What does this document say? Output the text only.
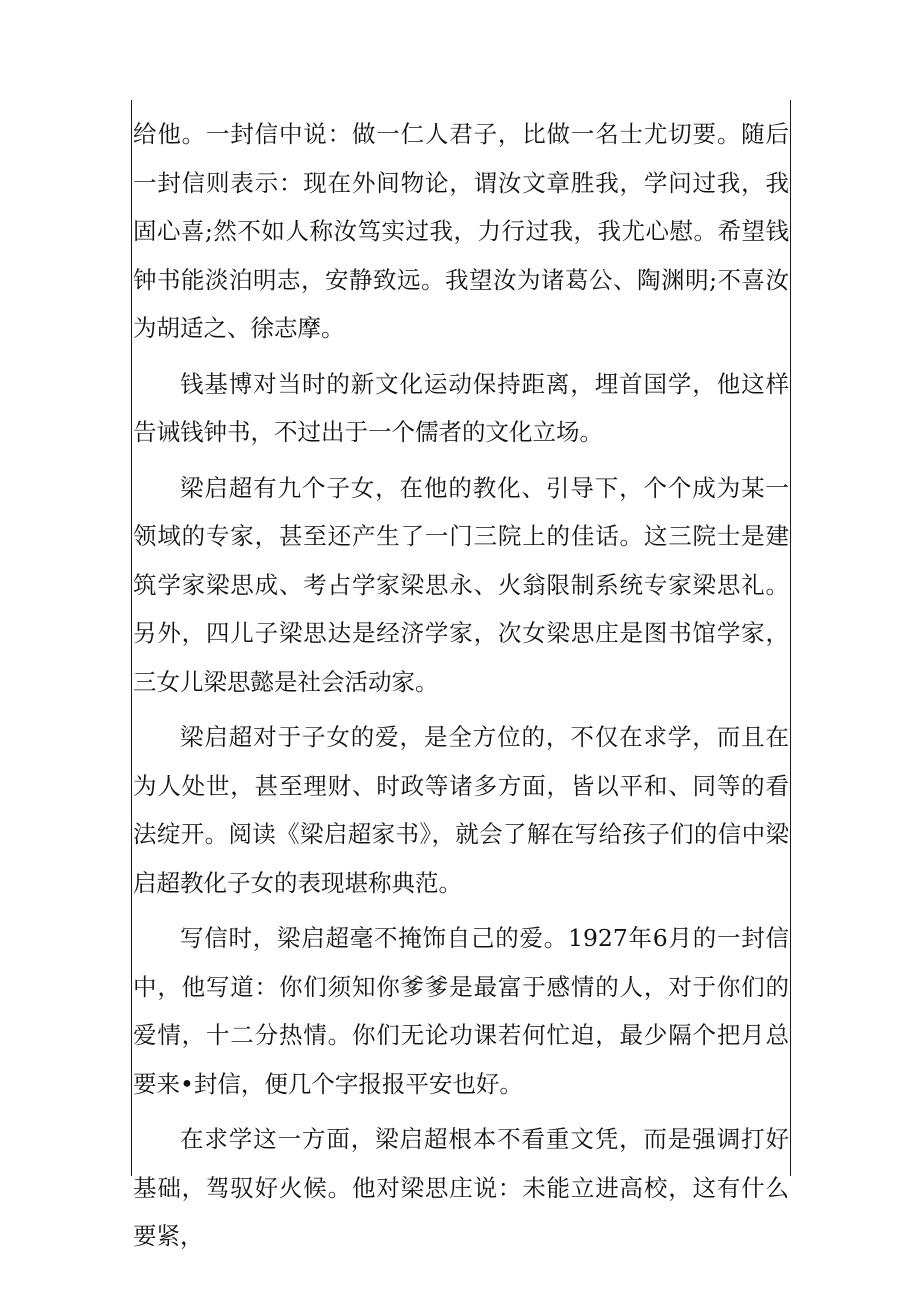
给他。一封信中说：做一仁人君子，比做一名士尤切要。随后一封信则表示：现在外间物论，谓汝文章胜我，学问过我，我固心喜;然不如人称汝笃实过我，力行过我，我尤心慰。希望钱钟书能淡泊明志，安静致远。我望汝为诸葛公、陶渊明;不喜汝为胡适之、徐志摩。

钱基博对当时的新文化运动保持距离，埋首国学，他这样告诫钱钟书，不过出于一个儒者的文化立场。

梁启超有九个子女，在他的教化、引导下，个个成为某一领域的专家，甚至还产生了一门三院上的佳话。这三院士是建筑学家梁思成、考占学家梁思永、火翁限制系统专家梁思礼。另外，四儿子梁思达是经济学家，次女梁思庄是图书馆学家，三女儿梁思懿是社会活动家。

梁启超对于子女的爱，是全方位的，不仅在求学，而且在为人处世，甚至理财、时政等诸多方面，皆以平和、同等的看法绽开。阅读《梁启超家书》，就会了解在写给孩子们的信中梁启超教化子女的表现堪称典范。

写信时，梁启超毫不掩饰自己的爱。1927年6月的一封信中，他写道：你们须知你爹爹是最富于感情的人，对于你们的爱情，十二分热情。你们无论功课若何忙迫，最少隔个把月总要来•封信，便几个字报报平安也好。

在求学这一方面，梁启超根本不看重文凭，而是强调打好基础，驾驭好火候。他对梁思庄说：未能立进高校，这有什么要紧，
